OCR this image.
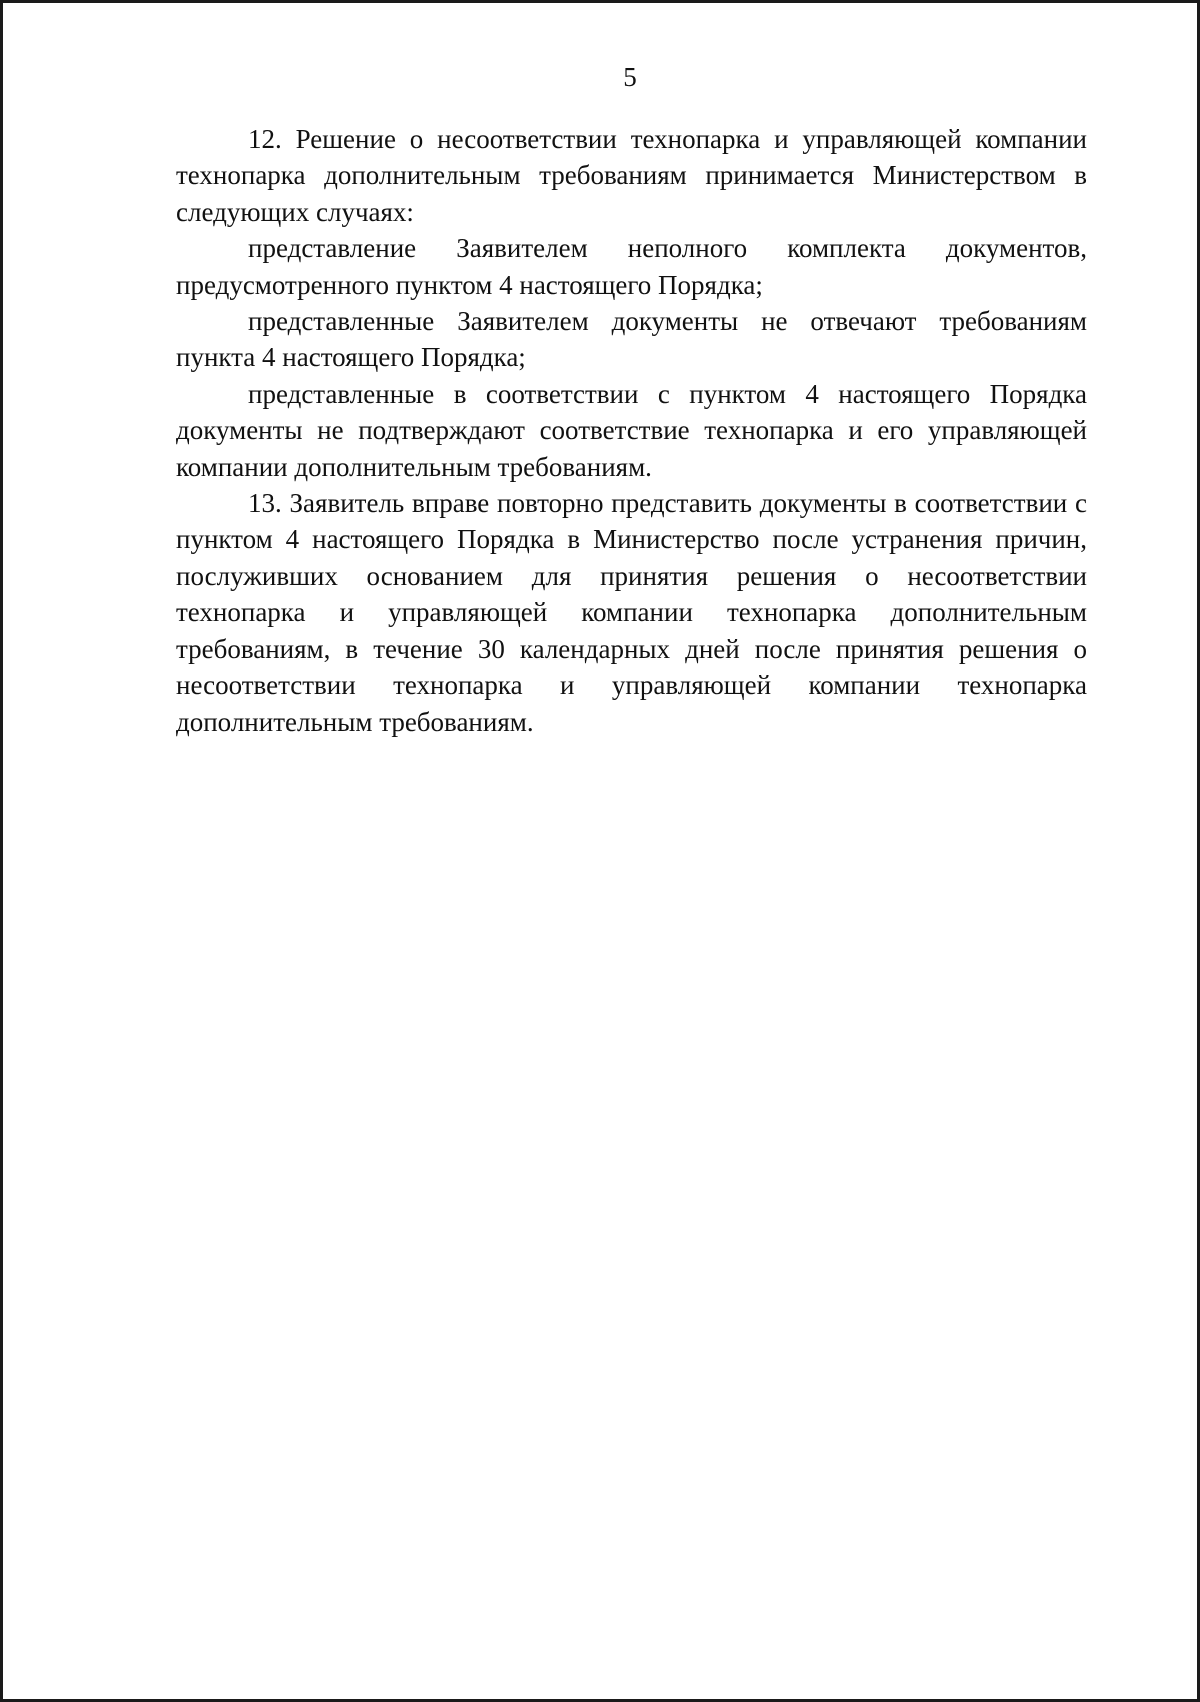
5

12. Решение о несоответствии технопарка и управляющей компании технопарка дополнительным требованиям принимается Министерством в следующих случаях:

представление Заявителем неполного комплекта документов, предусмотренного пунктом 4 настоящего Порядка;

представленные Заявителем документы не отвечают требованиям пункта 4 настоящего Порядка;

представленные в соответствии с пунктом 4 настоящего Порядка документы не подтверждают соответствие технопарка и его управляющей компании дополнительным требованиям.

13. Заявитель вправе повторно представить документы в соответствии с пунктом 4 настоящего Порядка в Министерство после устранения причин, послуживших основанием для принятия решения о несоответствии технопарка и управляющей компании технопарка дополнительным требованиям, в течение 30 календарных дней после принятия решения о несоответствии технопарка и управляющей компании технопарка дополнительным требованиям.
